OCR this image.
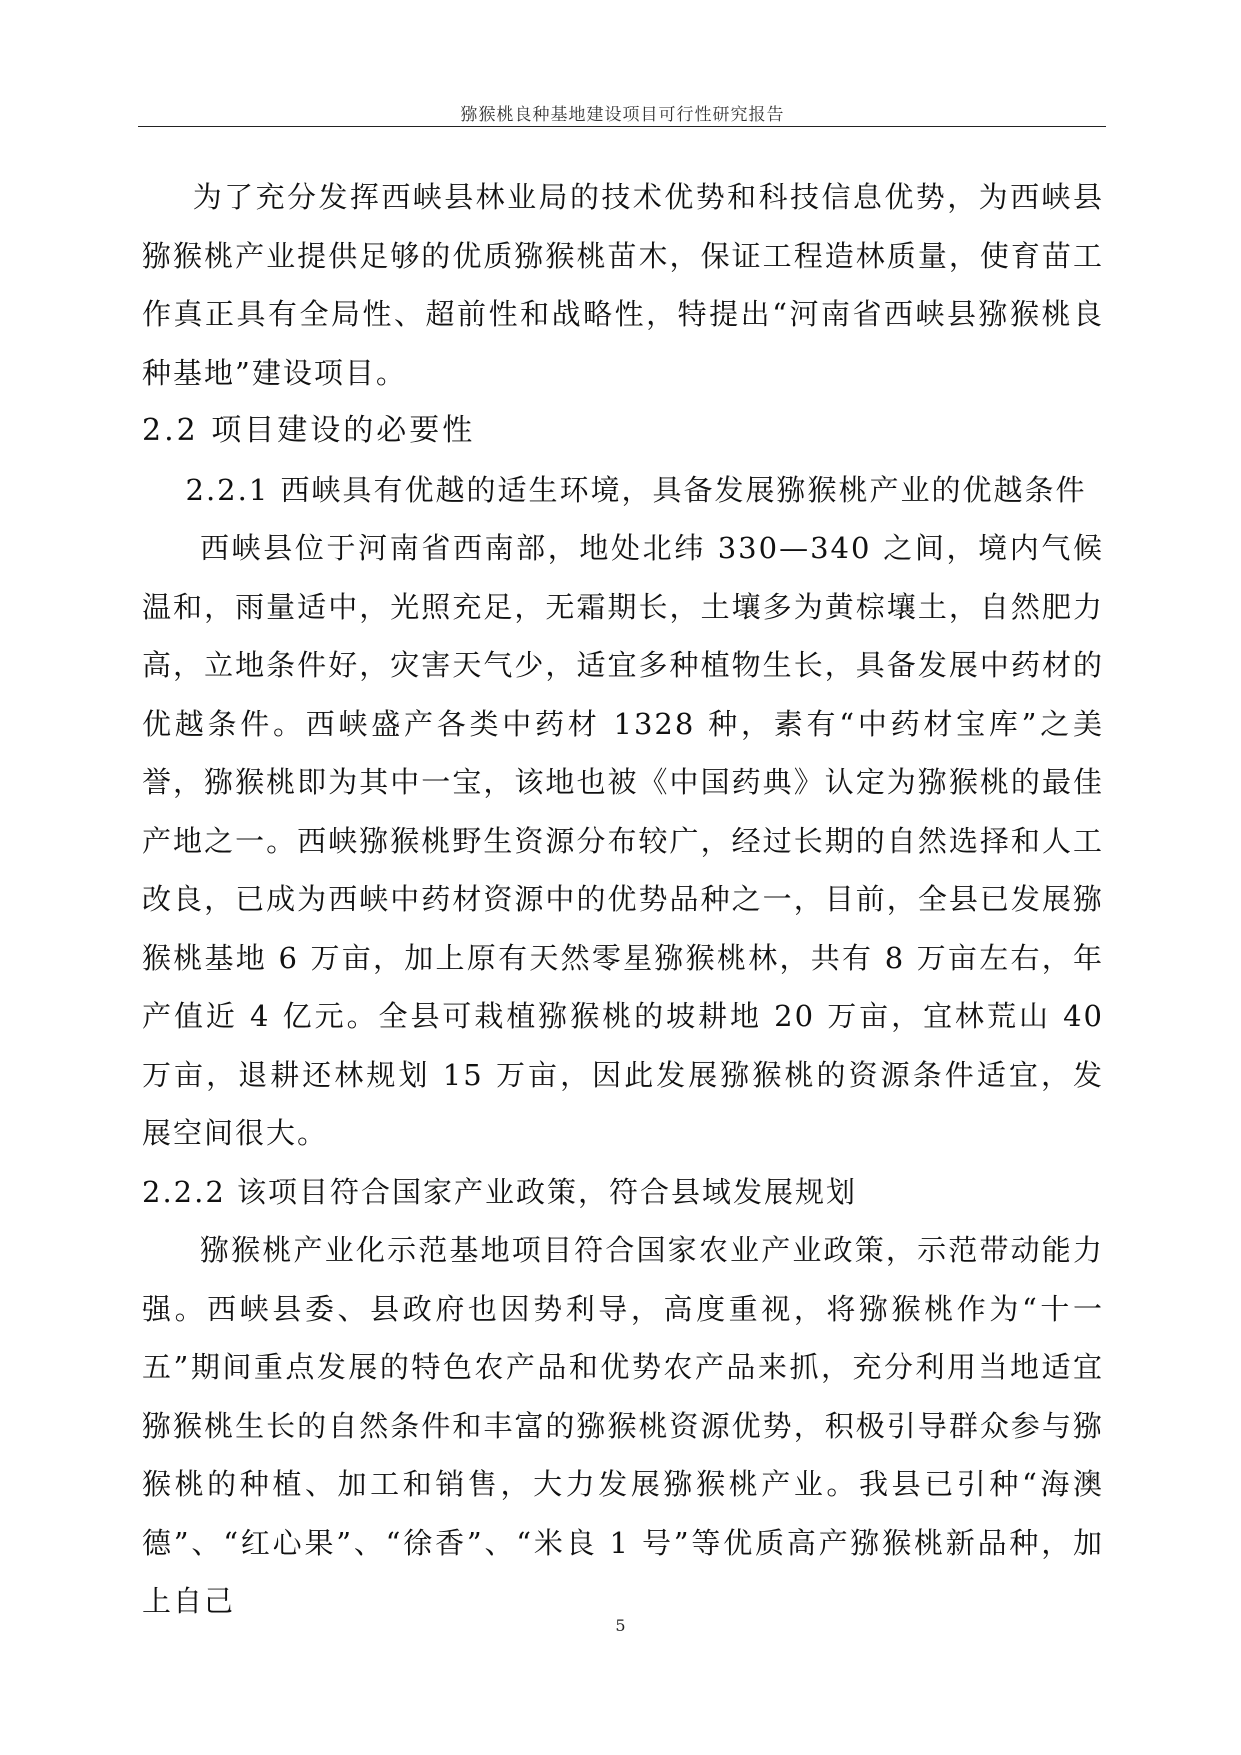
猕猴桃良种基地建设项目可行性研究报告

为了充分发挥西峡县林业局的技术优势和科技信息优势，为西峡县猕猴桃产业提供足够的优质猕猴桃苗木，保证工程造林质量，使育苗工作真正具有全局性、超前性和战略性，特提出“河南省西峡县猕猴桃良种基地”建设项目。

2.2 项目建设的必要性

2.2.1 西峡具有优越的适生环境，具备发展猕猴桃产业的优越条件

西峡县位于河南省西南部，地处北纬 330—340 之间，境内气候温和，雨量适中，光照充足，无霜期长，土壤多为黄棕壤土，自然肥力高，立地条件好，灾害天气少，适宜多种植物生长，具备发展中药材的优越条件。西峡盛产各类中药材 1328 种，素有“中药材宝库”之美誉，猕猴桃即为其中一宝，该地也被《中国药典》认定为猕猴桃的最佳产地之一。西峡猕猴桃野生资源分布较广，经过长期的自然选择和人工改良，已成为西峡中药材资源中的优势品种之一，目前，全县已发展猕猴桃基地 6 万亩，加上原有天然零星猕猴桃林，共有 8 万亩左右，年产值近 4 亿元。全县可栽植猕猴桃的坡耕地 20 万亩，宜林荒山 40 万亩，退耕还林规划 15 万亩，因此发展猕猴桃的资源条件适宜，发展空间很大。

2.2.2 该项目符合国家产业政策，符合县域发展规划

猕猴桃产业化示范基地项目符合国家农业产业政策，示范带动能力强。西峡县委、县政府也因势利导，高度重视，将猕猴桃作为“十一五”期间重点发展的特色农产品和优势农产品来抓，充分利用当地适宜猕猴桃生长的自然条件和丰富的猕猴桃资源优势，积极引导群众参与猕猴桃的种植、加工和销售，大力发展猕猴桃产业。我县已引种“海澳德”、“红心果”、“徐香”、“米良 1 号”等优质高产猕猴桃新品种，加上自己

5
